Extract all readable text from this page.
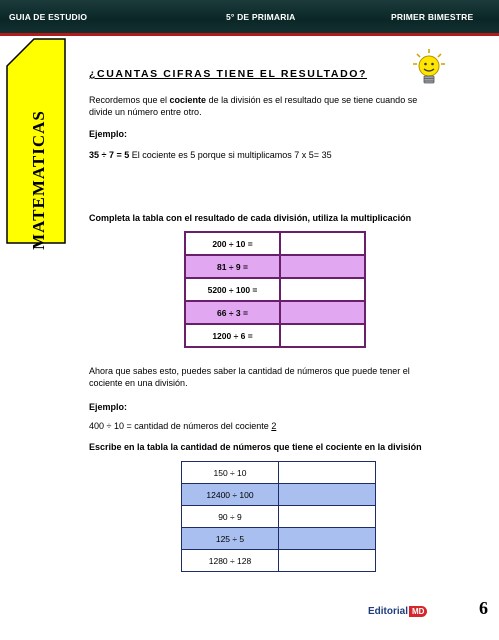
GUIA DE ESTUDIO	5° DE PRIMARIA	PRIMER BIMESTRE
MATEMATICAS
¿CUANTAS CIFRAS TIENE EL RESULTADO?
Recordemos que el cociente de la división es el resultado que se tiene cuando se
divide un número entre otro.
Ejemplo:
35 ÷ 7 = 5 El cociente es 5 porque si multiplicamos 7 x 5= 35
Completa la tabla con el resultado de cada división, utiliza la multiplicación
200 ÷ 10 =	
81 ÷ 9 =	
5200 ÷ 100 =	
66 ÷ 3 =	
1200 ÷ 6 =	
Ahora que sabes esto, puedes saber la cantidad de números que puede tener el
cociente en una división.
Ejemplo:
400 ÷ 10 = cantidad de números del cociente 2
Escribe en la tabla la cantidad de números que tiene el cociente en la división
150 ÷ 10	
12400 ÷ 100	
90 ÷ 9	
125 ÷ 5	
1280 ÷ 128	
Editorial MD	6
